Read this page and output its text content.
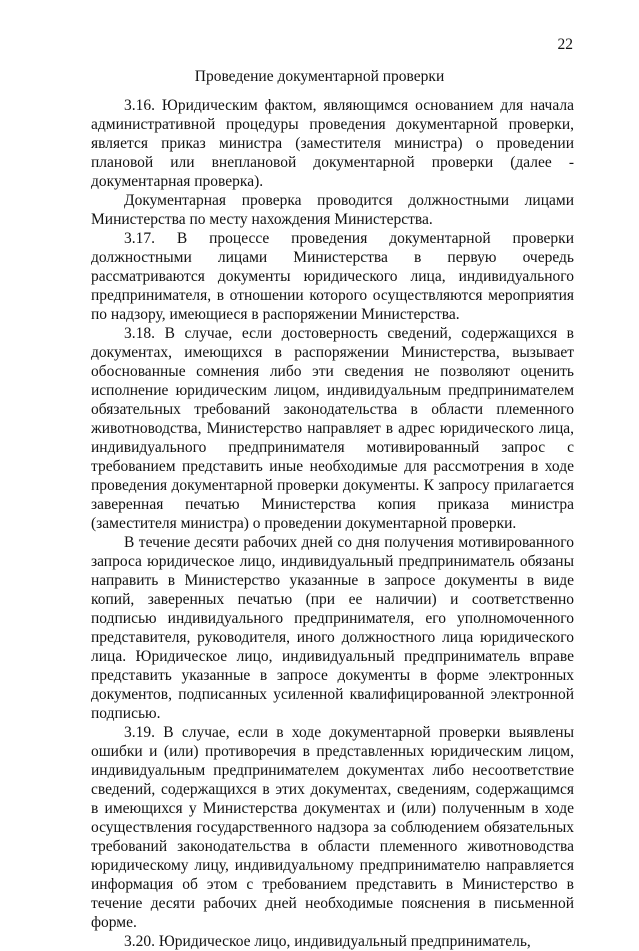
22
Проведение документарной проверки

3.16. Юридическим фактом, являющимся основанием для начала административной процедуры проведения документарной проверки, является приказ министра (заместителя министра) о проведении плановой или внеплановой документарной проверки (далее - документарная проверка).

Документарная проверка проводится должностными лицами Министерства по месту нахождения Министерства.

3.17. В процессе проведения документарной проверки должностными лицами Министерства в первую очередь рассматриваются документы юридического лица, индивидуального предпринимателя, в отношении которого осуществляются мероприятия по надзору, имеющиеся в распоряжении Министерства.

3.18. В случае, если достоверность сведений, содержащихся в документах, имеющихся в распоряжении Министерства, вызывает обоснованные сомнения либо эти сведения не позволяют оценить исполнение юридическим лицом, индивидуальным предпринимателем обязательных требований законодательства в области племенного животноводства, Министерство направляет в адрес юридического лица, индивидуального предпринимателя мотивированный запрос с требованием представить иные необходимые для рассмотрения в ходе проведения документарной проверки документы. К запросу прилагается заверенная печатью Министерства копия приказа министра (заместителя министра) о проведении документарной проверки.

В течение десяти рабочих дней со дня получения мотивированного запроса юридическое лицо, индивидуальный предприниматель обязаны направить в Министерство указанные в запросе документы в виде копий, заверенных печатью (при ее наличии) и соответственно подписью индивидуального предпринимателя, его уполномоченного представителя, руководителя, иного должностного лица юридического лица. Юридическое лицо, индивидуальный предприниматель вправе представить указанные в запросе документы в форме электронных документов, подписанных усиленной квалифицированной электронной подписью.

3.19. В случае, если в ходе документарной проверки выявлены ошибки и (или) противоречия в представленных юридическим лицом, индивидуальным предпринимателем документах либо несоответствие сведений, содержащихся в этих документах, сведениям, содержащимся в имеющихся у Министерства документах и (или) полученным в ходе осуществления государственного надзора за соблюдением обязательных требований законодательства в области племенного животноводства юридическому лицу, индивидуальному предпринимателю направляется информация об этом с требованием представить в Министерство в течение десяти рабочих дней необходимые пояснения в письменной форме.

3.20. Юридическое лицо, индивидуальный предприниматель,
